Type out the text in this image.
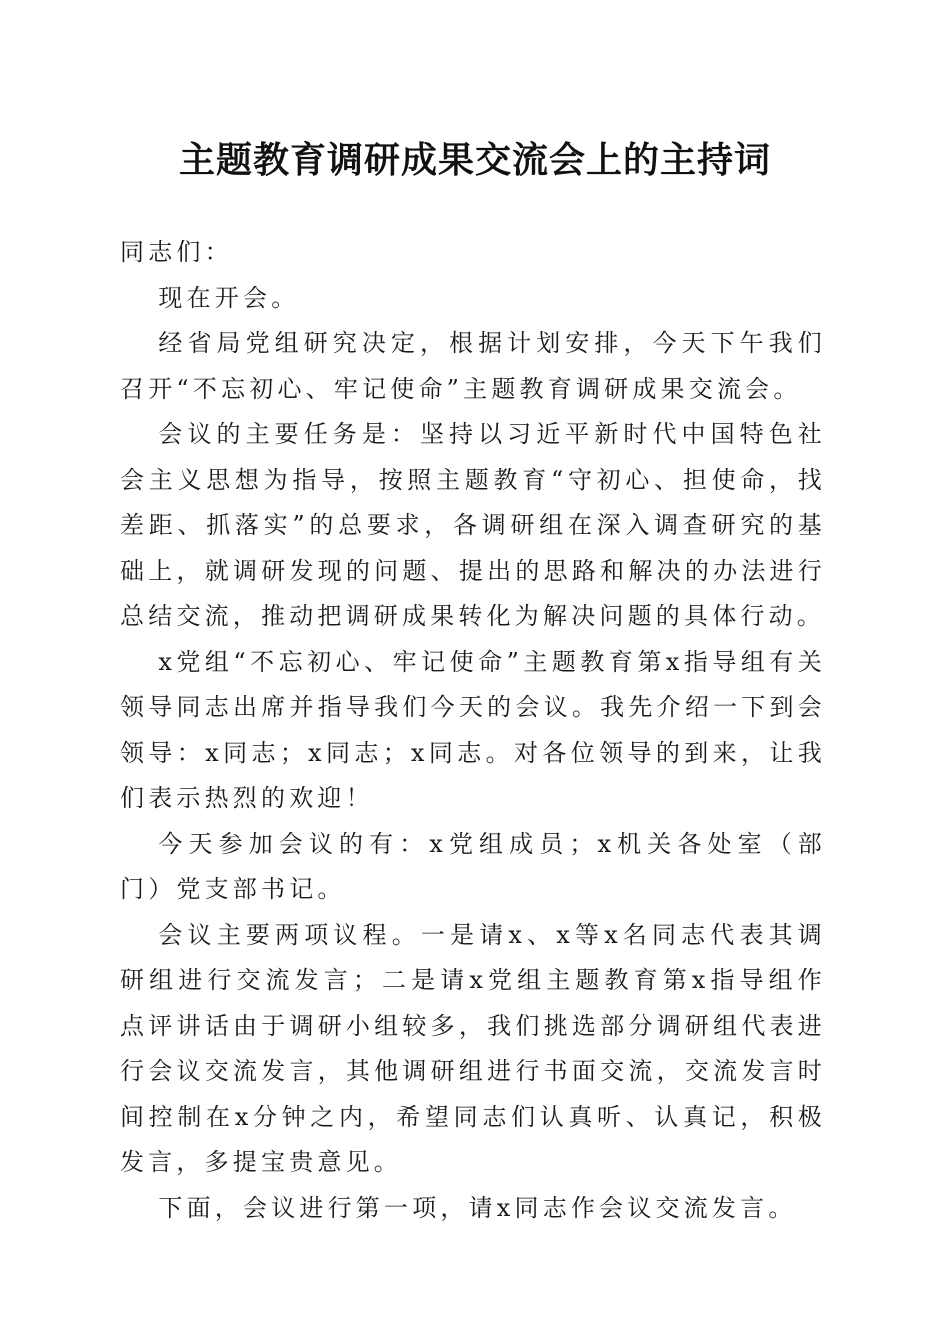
主题教育调研成果交流会上的主持词

同志们：

现在开会。

经省局党组研究决定，根据计划安排，今天下午我们召开“不忘初心、牢记使命”主题教育调研成果交流会。

会议的主要任务是：坚持以习近平新时代中国特色社会主义思想为指导，按照主题教育“守初心、担使命，找差距、抓落实”的总要求，各调研组在深入调查研究的基础上，就调研发现的问题、提出的思路和解决的办法进行总结交流，推动把调研成果转化为解决问题的具体行动。

x党组“不忘初心、牢记使命”主题教育第x指导组有关领导同志出席并指导我们今天的会议。我先介绍一下到会领导：x同志；x同志；x同志。对各位领导的到来，让我们表示热烈的欢迎！

今天参加会议的有：x党组成员；x机关各处室（部门）党支部书记。

会议主要两项议程。一是请x、x等x名同志代表其调研组进行交流发言；二是请x党组主题教育第x指导组作点评讲话由于调研小组较多，我们挑选部分调研组代表进行会议交流发言，其他调研组进行书面交流，交流发言时间控制在x分钟之内，希望同志们认真听、认真记，积极发言，多提宝贵意见。

下面，会议进行第一项，请x同志作会议交流发言。
